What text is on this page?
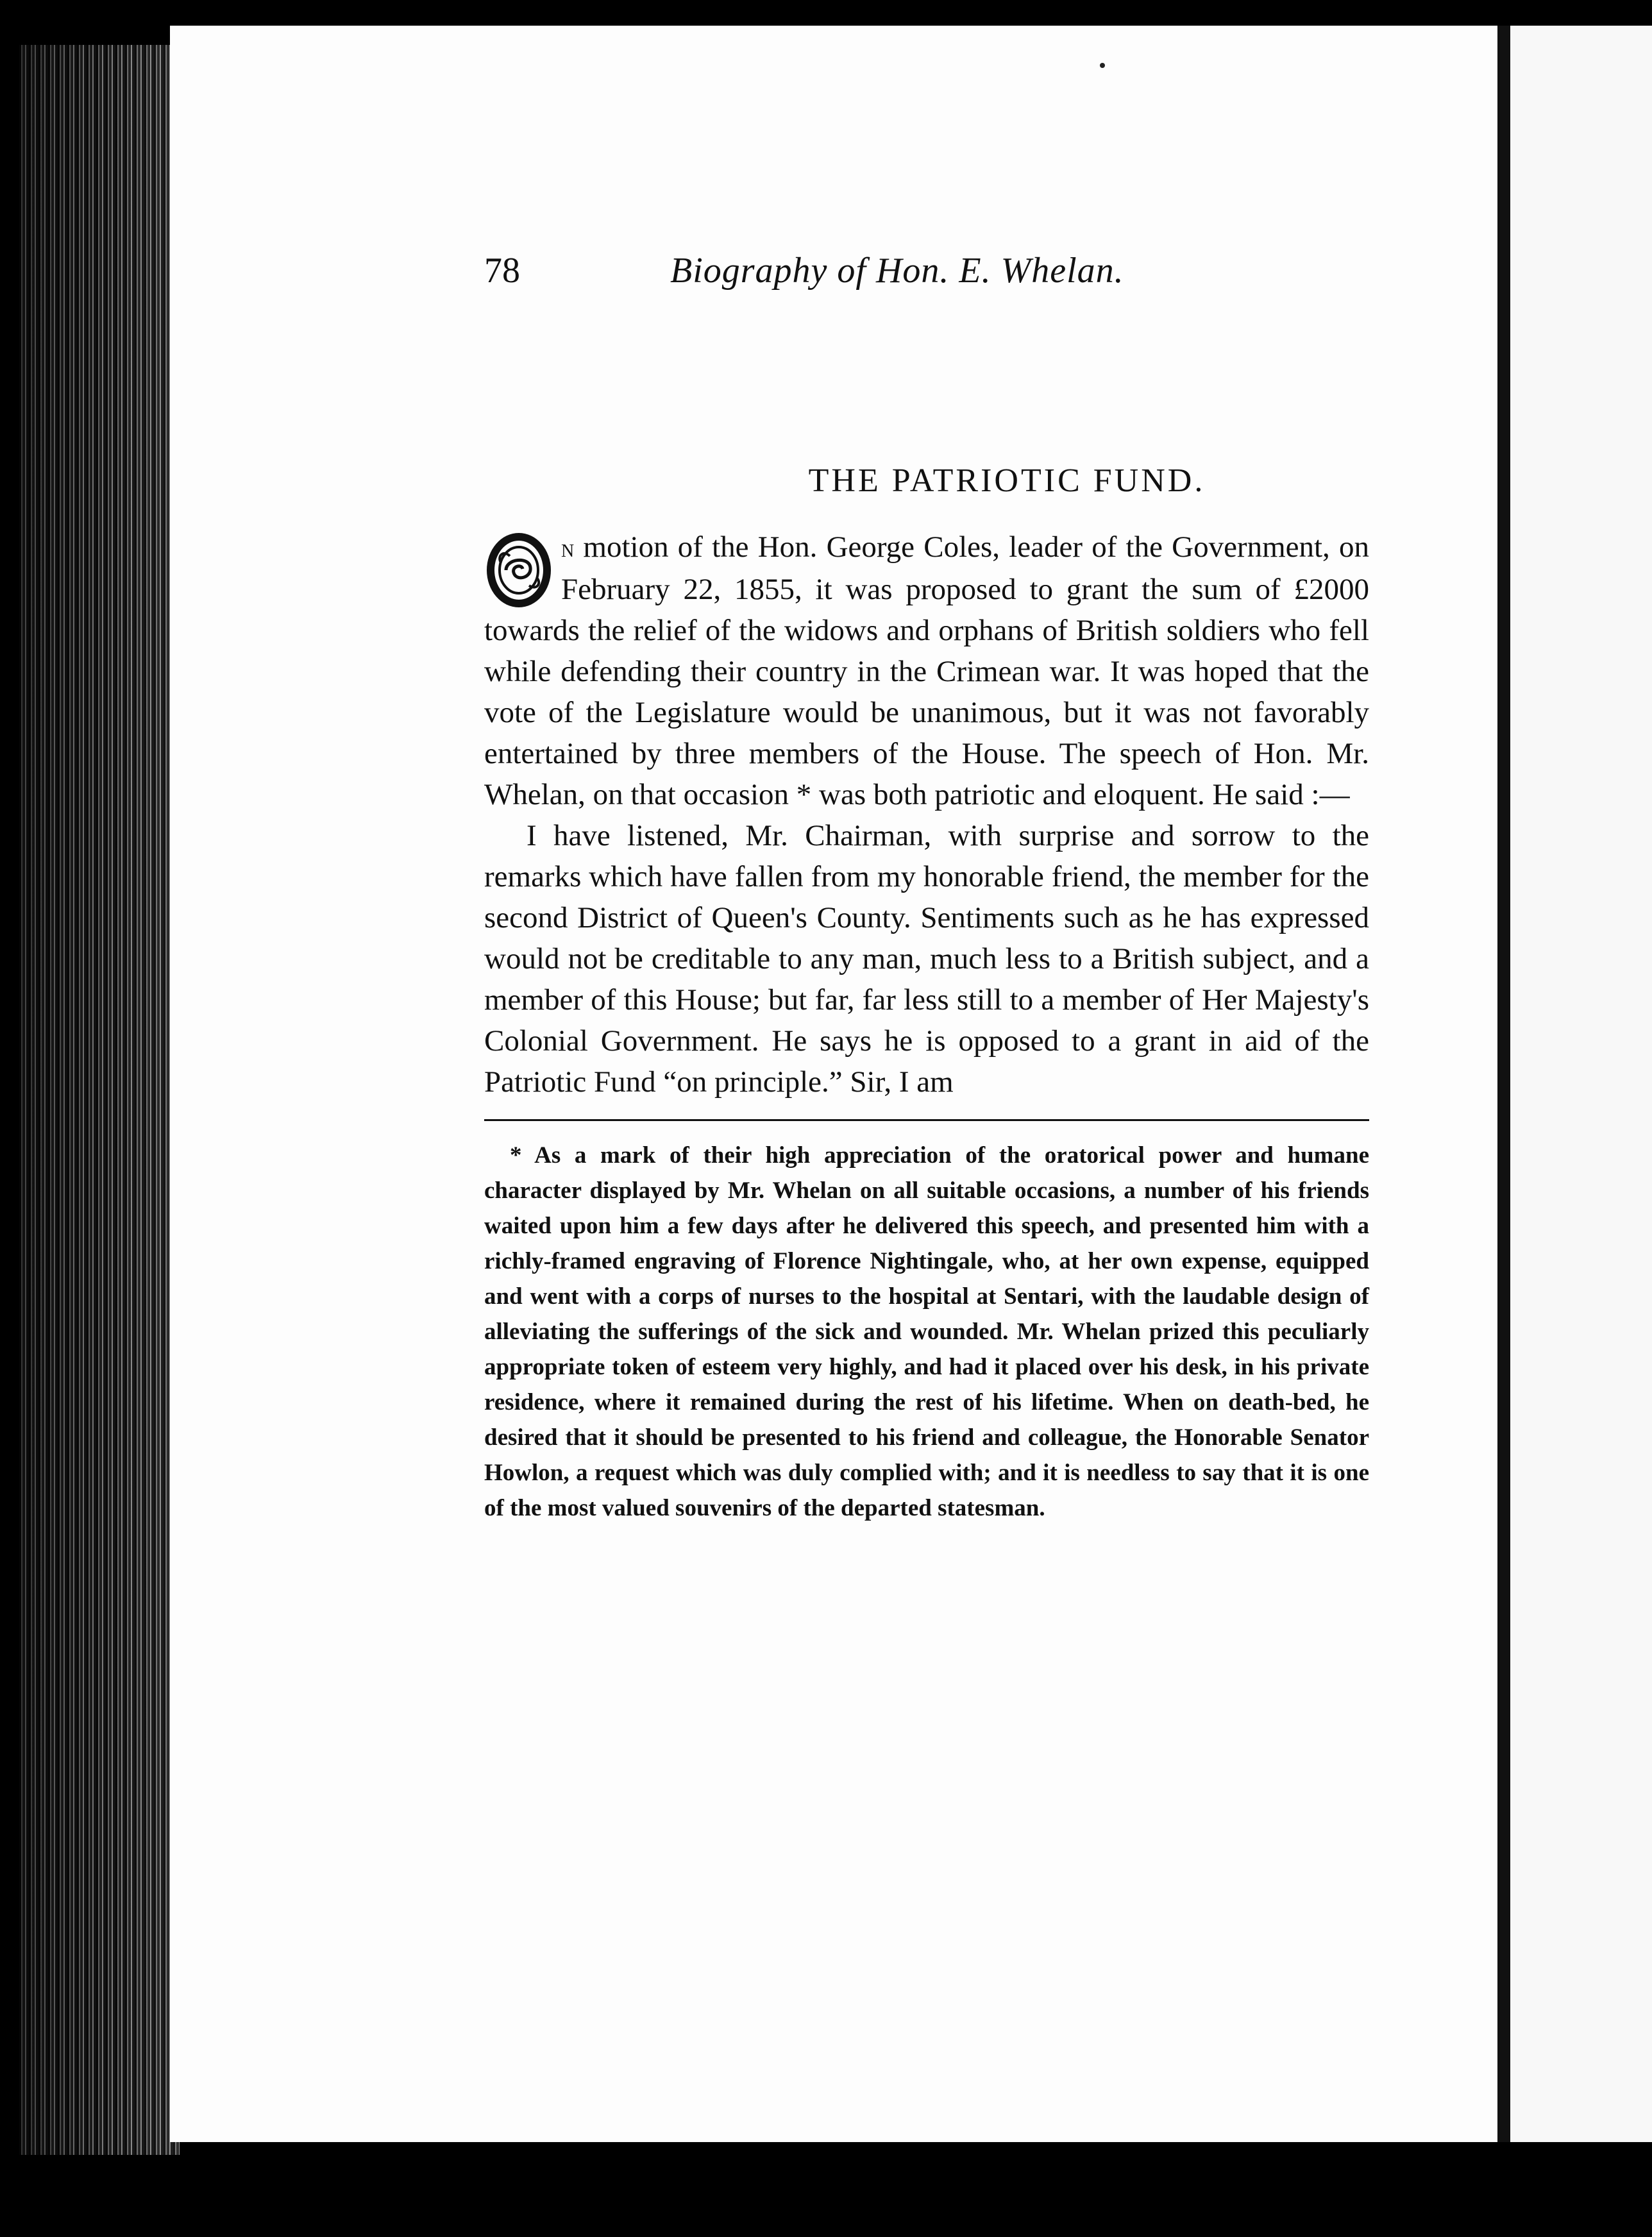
78	Biography of Hon. E. Whelan.
THE PATRIOTIC FUND.

n motion of the Hon. George Coles, leader of the Government, on February 22, 1855, it was proposed to grant the sum of £2000 towards the relief of the widows and orphans of British soldiers who fell while defending their country in the Crimean war. It was hoped that the vote of the Legislature would be unanimous, but it was not favorably entertained by three members of the House. The speech of Hon. Mr. Whelan, on that occasion * was both patriotic and eloquent. He said :—

I have listened, Mr. Chairman, with surprise and sorrow to the remarks which have fallen from my honorable friend, the member for the second District of Queen's County. Sentiments such as he has expressed would not be creditable to any man, much less to a British subject, and a member of this House; but far, far less still to a member of Her Majesty's Colonial Government. He says he is opposed to a grant in aid of the Patriotic Fund “on principle.” Sir, I am

* As a mark of their high appreciation of the oratorical power and humane character displayed by Mr. Whelan on all suitable occasions, a number of his friends waited upon him a few days after he delivered this speech, and presented him with a richly-framed engraving of Florence Nightingale, who, at her own expense, equipped and went with a corps of nurses to the hospital at Sentari, with the laudable design of alleviating the sufferings of the sick and wounded. Mr. Whelan prized this peculiarly appropriate token of esteem very highly, and had it placed over his desk, in his private residence, where it remained during the rest of his lifetime. When on death-bed, he desired that it should be presented to his friend and colleague, the Honorable Senator Howlon, a request which was duly complied with; and it is needless to say that it is one of the most valued souvenirs of the departed statesman.
